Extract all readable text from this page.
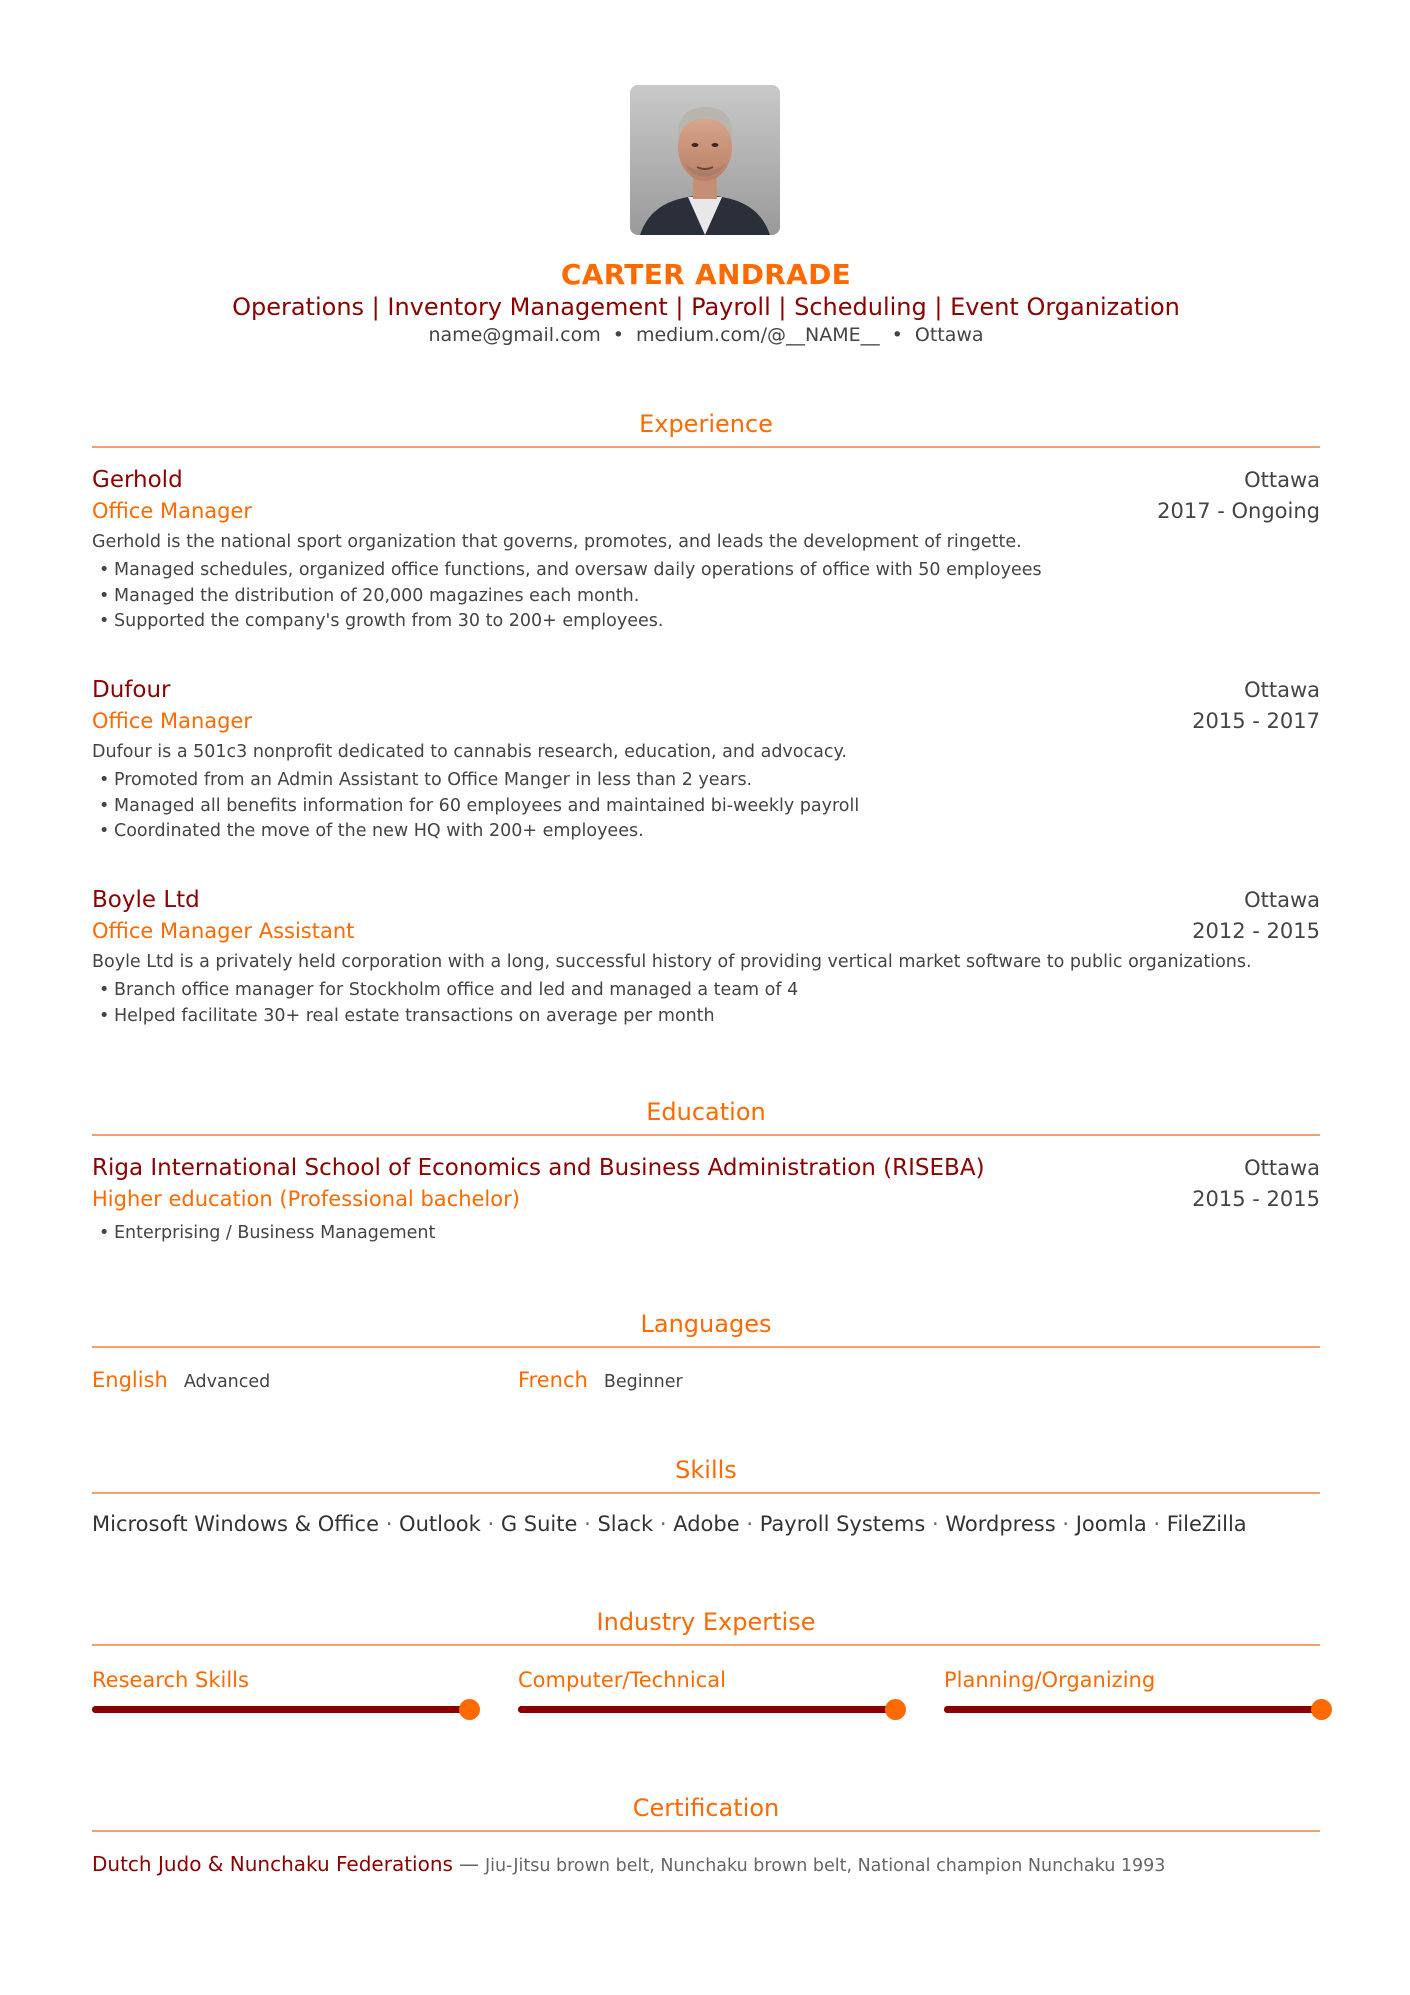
CARTER ANDRADE
Operations | Inventory Management | Payroll | Scheduling | Event Organization
name@gmail.com • medium.com/@__NAME__ • Ottawa
Experience
Gerhold	Ottawa
Office Manager	2017 - Ongoing
Gerhold is the national sport organization that governs, promotes, and leads the development of ringette.
• Managed schedules, organized office functions, and oversaw daily operations of office with 50 employees
• Managed the distribution of 20,000 magazines each month.
• Supported the company's growth from 30 to 200+ employees.
Dufour	Ottawa
Office Manager	2015 - 2017
Dufour is a 501c3 nonprofit dedicated to cannabis research, education, and advocacy.
• Promoted from an Admin Assistant to Office Manger in less than 2 years.
• Managed all benefits information for 60 employees and maintained bi-weekly payroll
• Coordinated the move of the new HQ with 200+ employees.
Boyle Ltd	Ottawa
Office Manager Assistant	2012 - 2015
Boyle Ltd is a privately held corporation with a long, successful history of providing vertical market software to public organizations.
• Branch office manager for Stockholm office and led and managed a team of 4
• Helped facilitate 30+ real estate transactions on average per month
Education
Riga International School of Economics and Business Administration (RISEBA)	Ottawa
Higher education (Professional bachelor)	2015 - 2015
• Enterprising / Business Management
Languages
English Advanced	French Beginner
Skills
Microsoft Windows & Office · Outlook · G Suite · Slack · Adobe · Payroll Systems · Wordpress · Joomla · FileZilla
Industry Expertise
Research Skills	Computer/Technical	Planning/Organizing
Certification
Dutch Judo & Nunchaku Federations — Jiu-Jitsu brown belt, Nunchaku brown belt, National champion Nunchaku 1993
